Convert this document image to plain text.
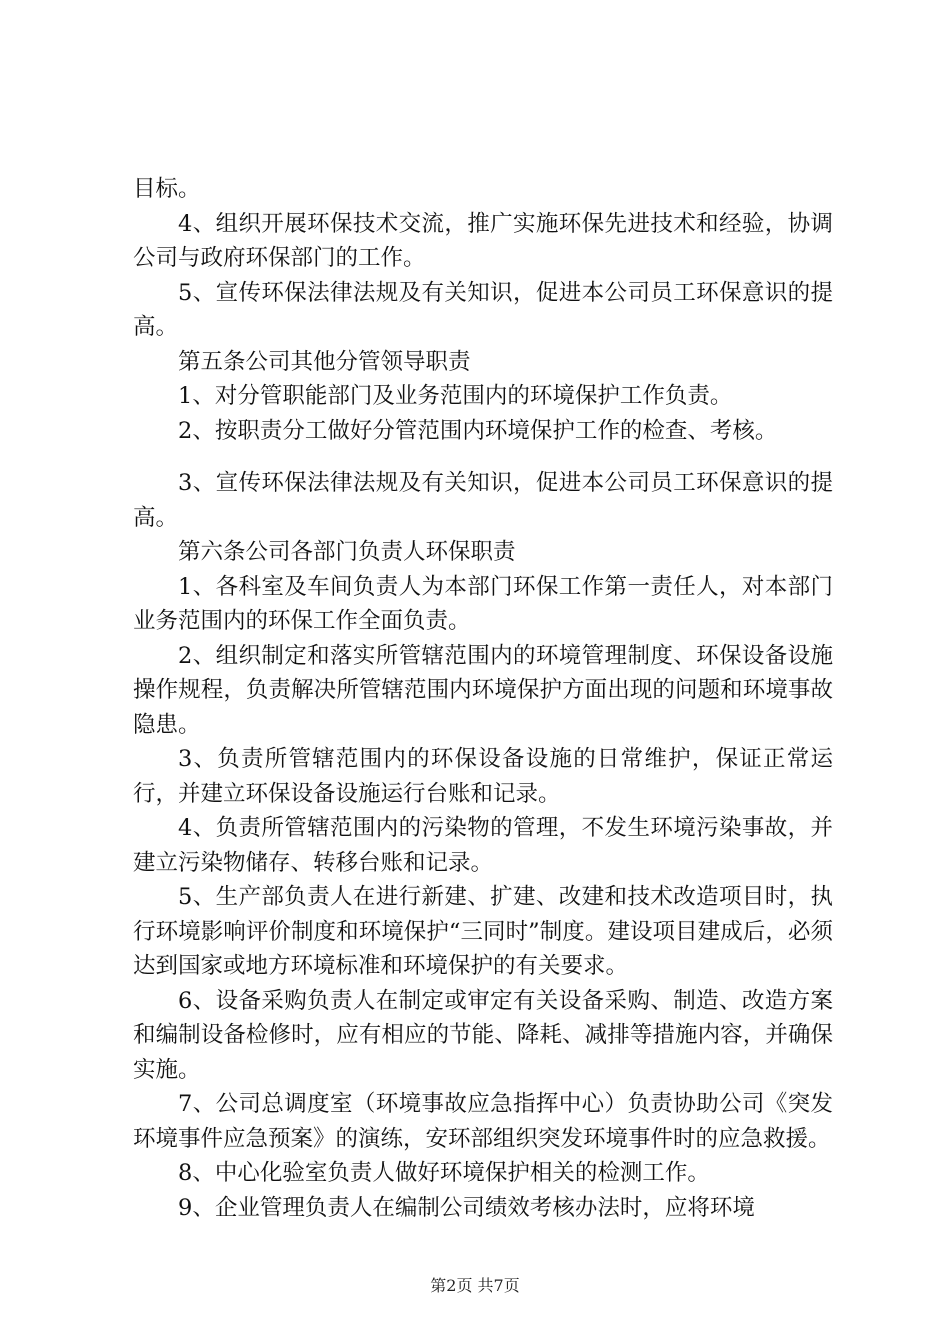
目标。

4、组织开展环保技术交流，推广实施环保先进技术和经验，协调公司与政府环保部门的工作。

5、宣传环保法律法规及有关知识，促进本公司员工环保意识的提高。

第五条公司其他分管领导职责

1、对分管职能部门及业务范围内的环境保护工作负责。

2、按职责分工做好分管范围内环境保护工作的检查、考核。

3、宣传环保法律法规及有关知识，促进本公司员工环保意识的提高。

第六条公司各部门负责人环保职责

1、各科室及车间负责人为本部门环保工作第一责任人，对本部门业务范围内的环保工作全面负责。

2、组织制定和落实所管辖范围内的环境管理制度、环保设备设施操作规程，负责解决所管辖范围内环境保护方面出现的问题和环境事故隐患。

3、负责所管辖范围内的环保设备设施的日常维护，保证正常运行，并建立环保设备设施运行台账和记录。

4、负责所管辖范围内的污染物的管理，不发生环境污染事故，并建立污染物储存、转移台账和记录。

5、生产部负责人在进行新建、扩建、改建和技术改造项目时，执行环境影响评价制度和环境保护“三同时”制度。建设项目建成后，必须达到国家或地方环境标准和环境保护的有关要求。

6、设备采购负责人在制定或审定有关设备采购、制造、改造方案和编制设备检修时，应有相应的节能、降耗、减排等措施内容，并确保实施。

7、公司总调度室（环境事故应急指挥中心）负责协助公司《突发环境事件应急预案》的演练，安环部组织突发环境事件时的应急救援。

8、中心化验室负责人做好环境保护相关的检测工作。

9、企业管理负责人在编制公司绩效考核办法时，应将环境

第2页 共7页
